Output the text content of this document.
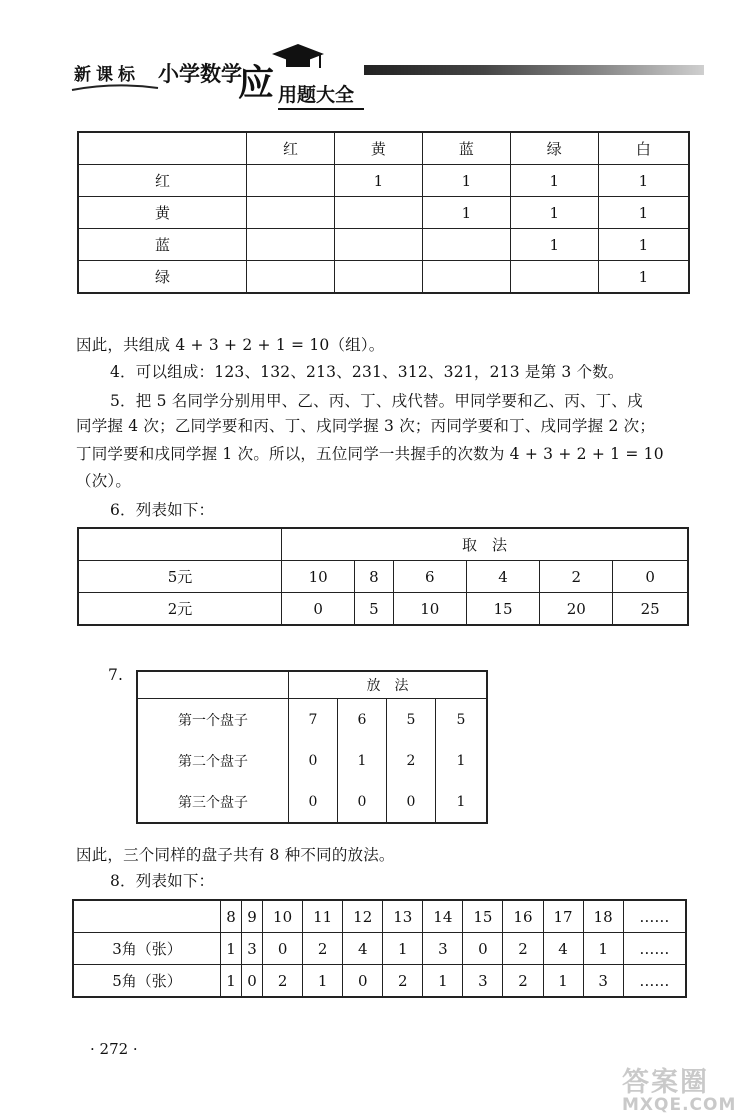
新 课 标 小学数学
应 用题大全
	红	黄	蓝	绿	白
红		1	1	1	1
黄			1	1	1
蓝				1	1
绿					1
因此，共组成 4 + 3 + 2 + 1 = 10（组）。
4．可以组成：123、132、213、231、312、321，213 是第 3 个数。
5．把 5 名同学分别用甲、乙、丙、丁、戌代替。甲同学要和乙、丙、丁、戌
同学握 4 次；乙同学要和丙、丁、戌同学握 3 次；丙同学要和丁、戌同学握 2 次；
丁同学要和戌同学握 1 次。所以，五位同学一共握手的次数为 4 + 3 + 2 + 1 = 10
（次）。
6．列表如下：
	取　法					
5元	10	8	6	4	2	0
2元	0	5	10	15	20	25
7.
	放　法			
第一个盘子	7	6	5	5
第二个盘子	0	1	2	1
第三个盘子	0	0	0	1
因此，三个同样的盘子共有 8 种不同的放法。
8．列表如下：
	8	9	10	11	12	13	14	15	16	17	18	……
3角（张）	1	3	0	2	4	1	3	0	2	4	1	……
5角（张）	1	0	2	1	0	2	1	3	2	1	3	……
· 272 ·
答案圈
MXQE.COM
